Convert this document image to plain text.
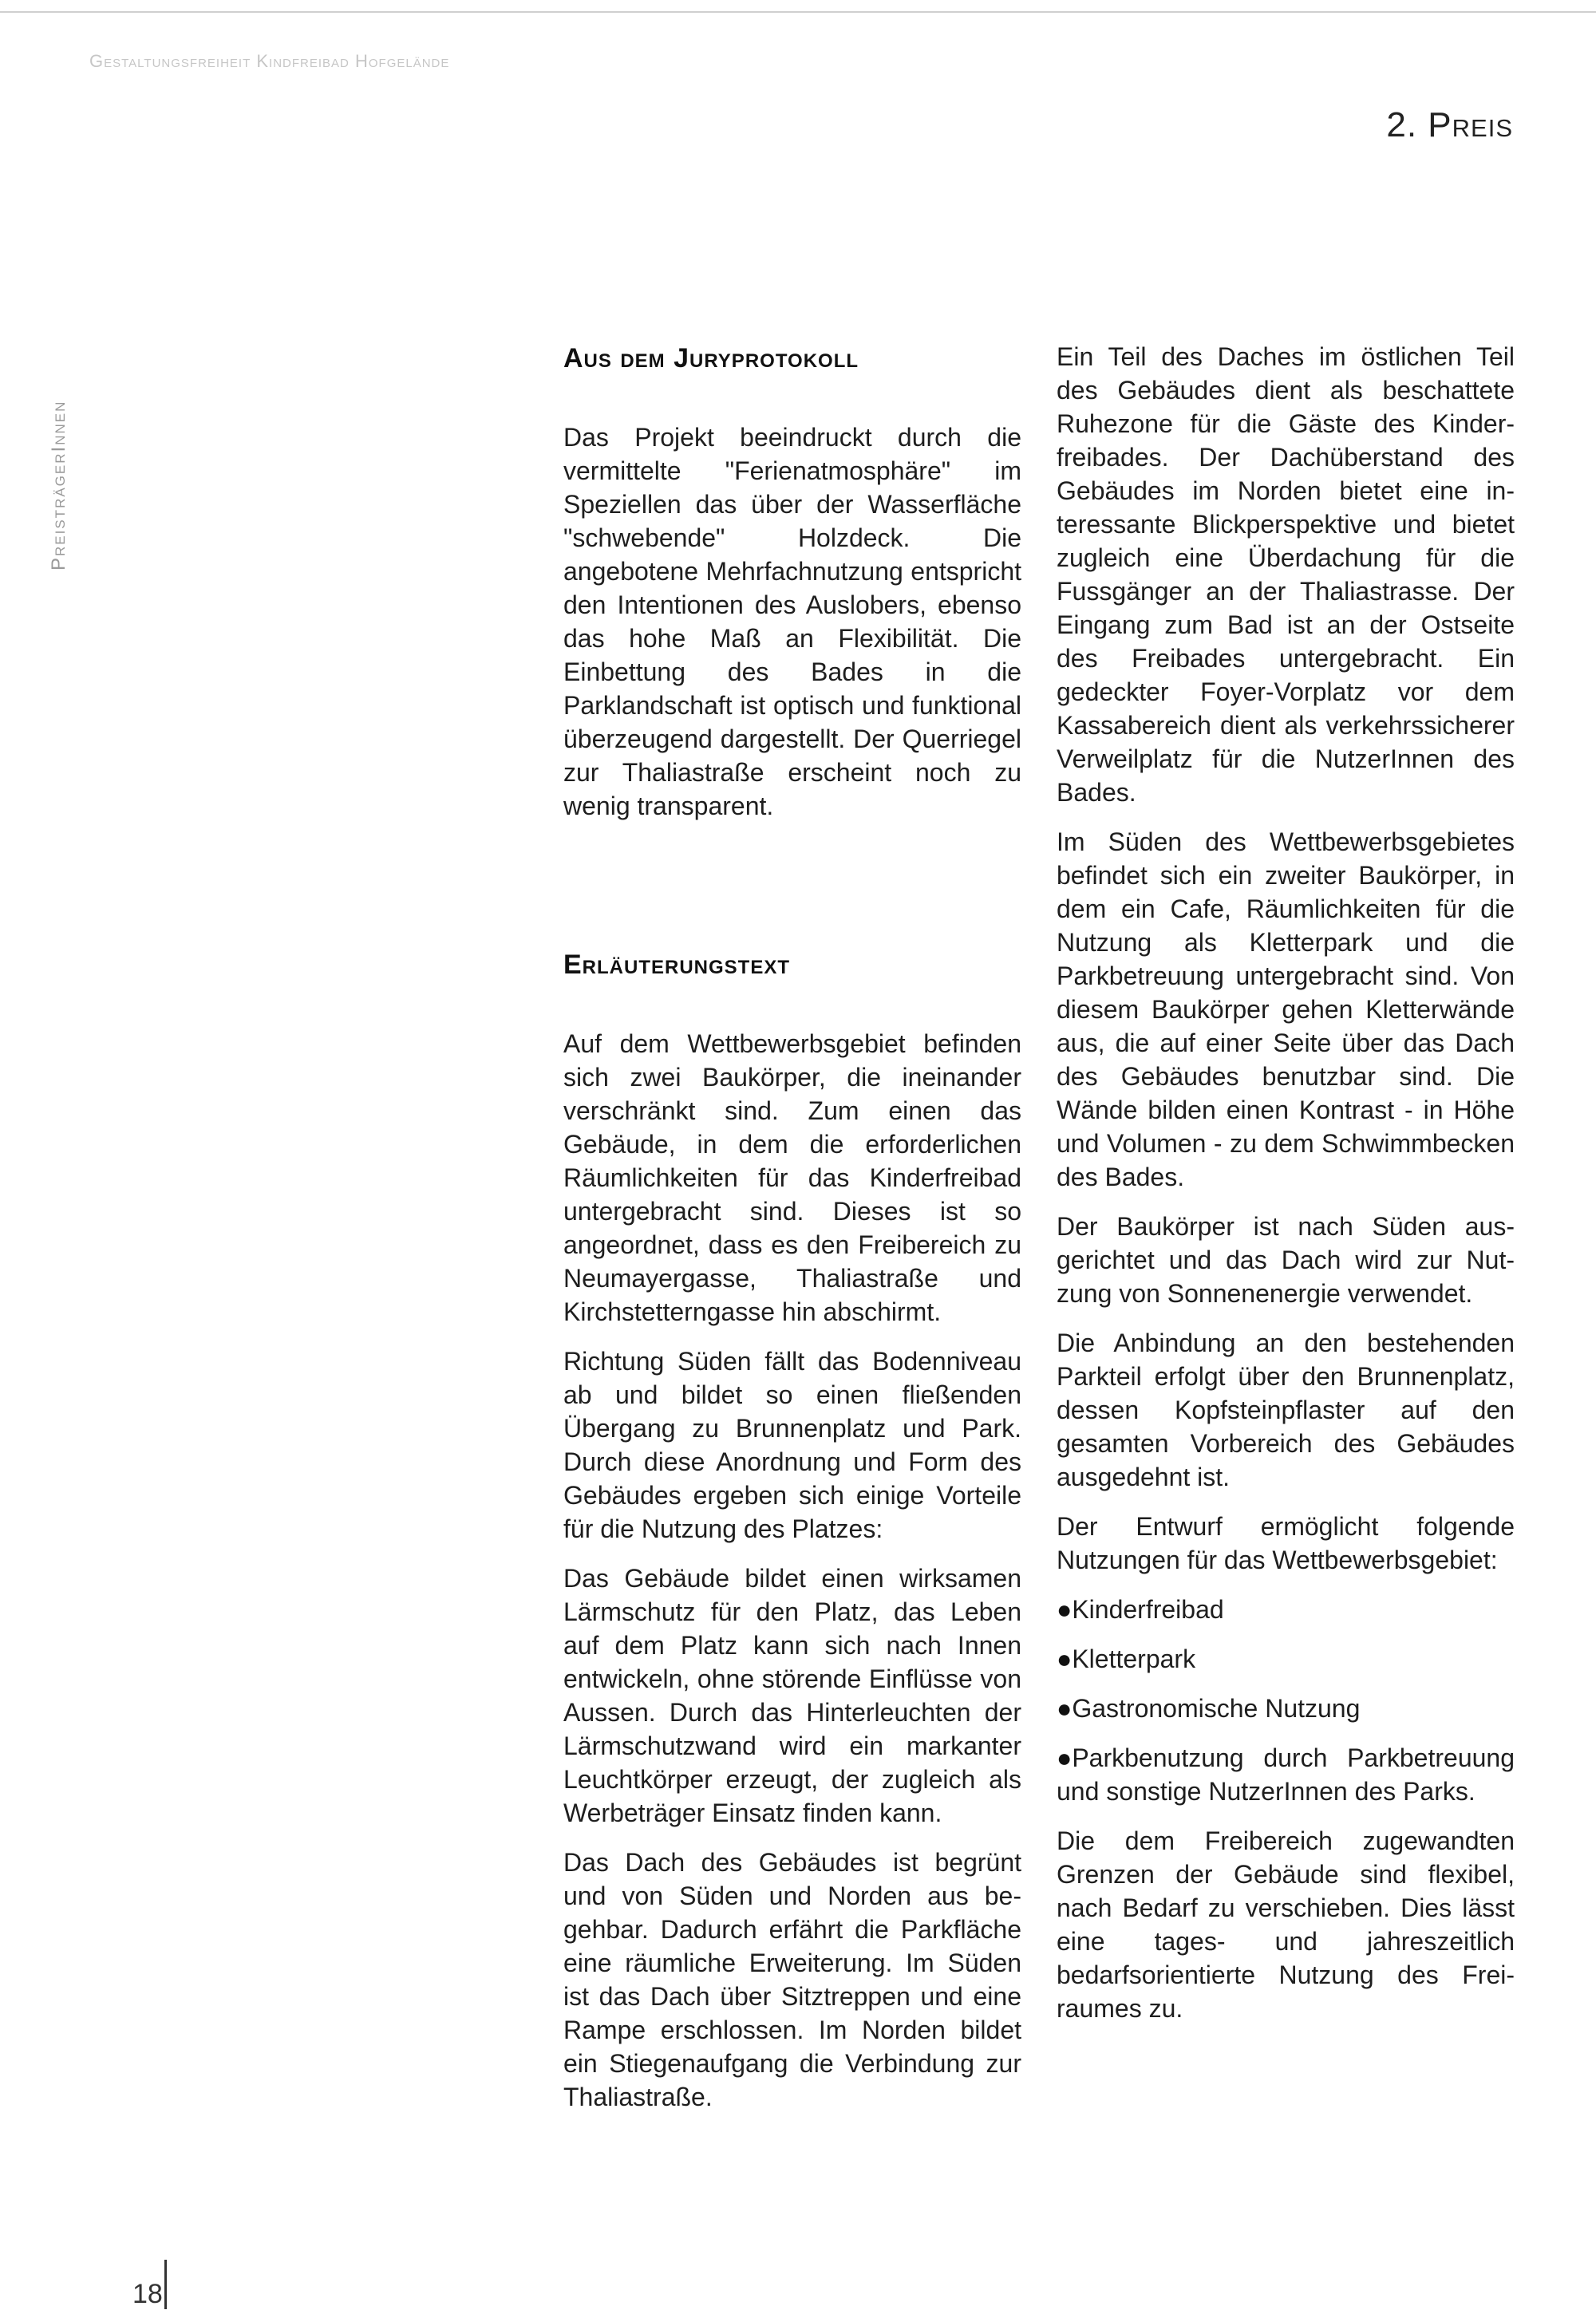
Gestaltungsfreiheit Kindfreibad Hofgelände
2. Preis
PreisträgerInnen
Aus dem Juryprotokoll

Das Projekt beeindruckt durch die vermittelte "Ferienatmosphäre" im Speziellen das über der Wasserfläche "schwebende" Holzdeck. Die angebotene Mehrfachnutzung entspricht den Intentionen des Auslobers, ebenso das hohe Maß an Flexibilität. Die Einbettung des Bades in die Parklandschaft ist optisch und funktional überzeugend dargestellt. Der Querriegel zur Thaliastraße erscheint noch zu wenig transparent.

Erläuterungstext

Auf dem Wettbewerbsgebiet befinden sich zwei Baukörper, die ineinander verschränkt sind. Zum einen das Gebäude, in dem die erforderlichen Räumlichkeiten für das Kinderfreibad untergebracht sind. Dieses ist so angeordnet, dass es den Freibereich zu Neumayergasse, Thaliastraße und Kirchstetterngasse hin abschirmt.

Richtung Süden fällt das Bodenniveau ab und bildet so einen fließenden Übergang zu Brunnenplatz und Park. Durch diese Anordnung und Form des Gebäudes ergeben sich einige Vorteile für die Nutzung des Platzes:

Das Gebäude bildet einen wirksamen Lärmschutz für den Platz, das Leben auf dem Platz kann sich nach Innen entwickeln, ohne störende Einflüsse von Aussen. Durch das Hinterleuchten der Lärmschutzwand wird ein markanter Leuchtkörper erzeugt, der zugleich als Werbeträger Einsatz finden kann.

Das Dach des Gebäudes ist begrünt und von Süden und Norden aus begehbar. Dadurch erfährt die Parkfläche eine räumliche Erweiterung. Im Süden ist das Dach über Sitztreppen und eine Rampe erschlossen. Im Norden bildet ein Stiegenaufgang die Verbindung zur Thaliastraße.

Ein Teil des Daches im östlichen Teil des Gebäudes dient als beschattete Ruhezone für die Gäste des Kinderfreibades. Der Dachüberstand des Gebäudes im Norden bietet eine interessante Blickperspektive und bietet zugleich eine Überdachung für die Fussgänger an der Thaliastrasse. Der Eingang zum Bad ist an der Ostseite des Freibades untergebracht. Ein gedeckter Foyer-Vorplatz vor dem Kassabereich dient als verkehrssicherer Verweilplatz für die NutzerInnen des Bades.

Im Süden des Wettbewerbsgebietes befindet sich ein zweiter Baukörper, in dem ein Cafe, Räumlichkeiten für die Nutzung als Kletterpark und die Parkbetreuung untergebracht sind. Von diesem Baukörper gehen Kletterwände aus, die auf einer Seite über das Dach des Gebäudes benutzbar sind. Die Wände bilden einen Kontrast - in Höhe und Volumen - zu dem Schwimmbecken des Bades.

Der Baukörper ist nach Süden ausgerichtet und das Dach wird zur Nutzung von Sonnenenergie verwendet.

Die Anbindung an den bestehenden Parkteil erfolgt über den Brunnenplatz, dessen Kopfsteinpflaster auf den gesamten Vorbereich des Gebäudes ausgedehnt ist.

Der Entwurf ermöglicht folgende Nutzungen für das Wettbewerbsgebiet:

●Kinderfreibad
●Kletterpark
●Gastronomische Nutzung
●Parkbenutzung durch Parkbetreuung und sonstige NutzerInnen des Parks.

Die dem Freibereich zugewandten Grenzen der Gebäude sind flexibel, nach Bedarf zu verschieben. Dies lässt eine tages- und jahreszeitlich bedarfsorientierte Nutzung des Freiraumes zu.

18
